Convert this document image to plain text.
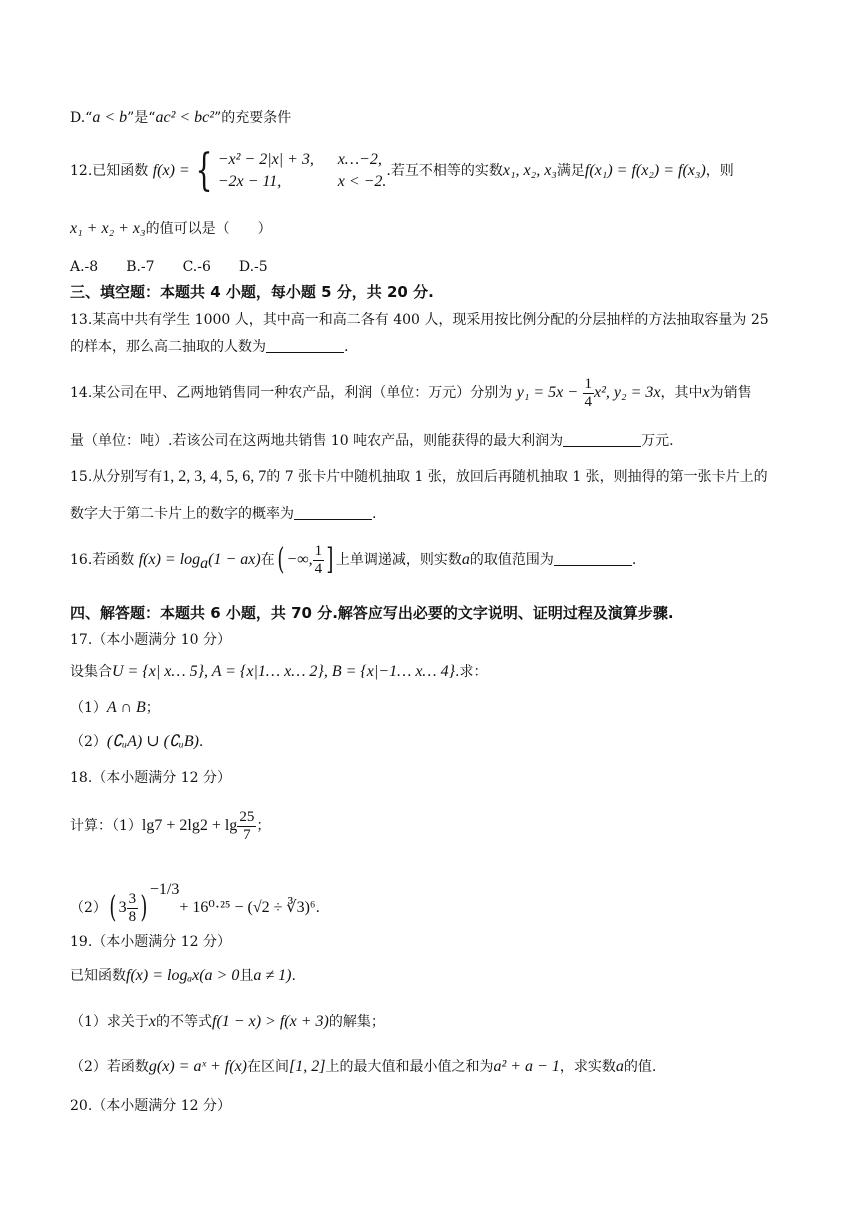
D.“a < b”是“ac² < bc²”的充要条件
12.已知函数 f(x) = { −x² − 2|x| + 3, x…−2,
−2x − 11,	x < −2..若互不相等的实数x₁, x₂, x₃满足f(x₁) = f(x₂) = f(x₃)，则
x₁ + x₂ + x₃的值可以是（　　）
A.-8　　B.-7　　C.-6　　D.-5
三、填空题：本题共 4 小题，每小题 5 分，共 20 分.
13.某高中共有学生 1000 人，其中高一和高二各有 400 人，现采用按比例分配的分层抽样的方法抽取容量为 25
的样本，那么高二抽取的人数为	.
14.某公司在甲、乙两地销售同一种农产品，利润（单位：万元）分别为 $y_1 = 5x - \frac{1}{4} x^2$, y₂ = 3x，其中x为销售
量（单位：吨）.若该公司在这两地共销售 10 吨农产品，则能获得的最大利润为	万元.
15.从分别写有1, 2, 3, 4, 5, 6, 7的 7 张卡片中随机抽取 1 张，放回后再随机抽取 1 张，则抽得的第一张卡片上的
数字大于第二卡片上的数字的概率为	.
16.若函数 $f(x) = \log_a(1 - ax)$在( −∞, $\frac{1}{4}$ ] 上单调递减，则实数a的取值范围为	.
四、解答题：本题共 6 小题，共 70 分.解答应写出必要的文字说明、证明过程及演算步骤.
17.（本小题满分 10 分）
设集合U = {x| x… 5}, A = {x|1… x… 2}, B = {x|−1… x… 4}.求：
（1）A ∩ B；
（2）(∁ᵤA) ∪ (∁ᵤB).
18.（本小题满分 12 分）
计算：$(1)\lg 7 + 2\lg 2 + \lg \frac{25}{7}$ ；
（2）( $3 \frac{3}{8} )^{-1/3}+ 16^0\cdot^{25} - (√2$ ÷ ∛3)⁶.
19.（本小题满分 12 分）
已知函数f(x) = logₐx(a > 0且a ≠ 1).
（1）求关于x的不等式f(1 − x) > f(x + 3)的解集；
（2）若函数g(x) = aˣ + f(x)在区间[1, 2]上的最大值和最小值之和为a² + a − 1，求实数a的值.
20.（本小题满分 12 分）
